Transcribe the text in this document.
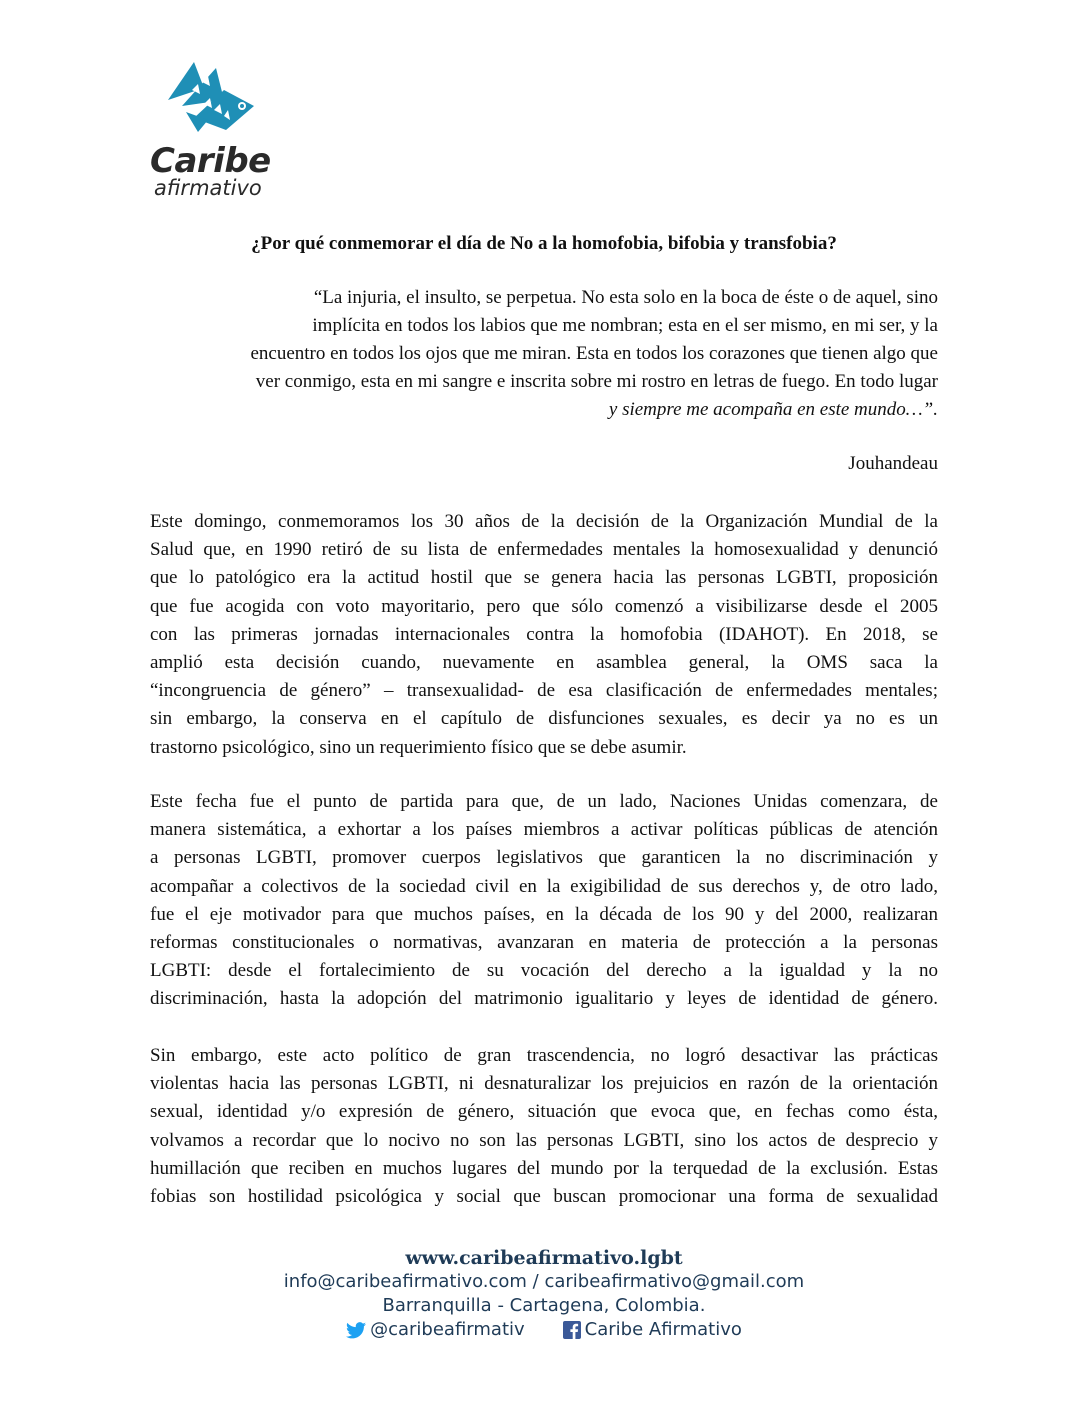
Caribe
afirmativo
¿Por qué conmemorar el día de No a la homofobia, bifobia y transfobia?
“La injuria, el insulto, se perpetua. No esta solo en la boca de éste o de aquel, sino
implícita en todos los labios que me nombran; esta en el ser mismo, en mi ser, y la
encuentro en todos los ojos que me miran. Esta en todos los corazones que tienen algo que
ver conmigo, esta en mi sangre e inscrita sobre mi rostro en letras de fuego. En todo lugar
y siempre me acompaña en este mundo…”.
Jouhandeau
Este domingo, conmemoramos los 30 años de la decisión de la Organización Mundial de la
Salud que, en 1990 retiró de su lista de enfermedades mentales la homosexualidad y denunció
que lo patológico era la actitud hostil que se genera hacia las personas LGBTI, proposición
que fue acogida con voto mayoritario, pero que sólo comenzó a visibilizarse desde el 2005
con las primeras jornadas internacionales contra la homofobia (IDAHOT). En 2018, se
amplió esta decisión cuando, nuevamente en asamblea general, la OMS saca la
“incongruencia de género” – transexualidad- de esa clasificación de enfermedades mentales;
sin embargo, la conserva en el capítulo de disfunciones sexuales, es decir ya no es un
trastorno psicológico, sino un requerimiento físico que se debe asumir.
Este fecha fue el punto de partida para que, de un lado, Naciones Unidas comenzara, de
manera sistemática, a exhortar a los países miembros a activar políticas públicas de atención
a personas LGBTI, promover cuerpos legislativos que garanticen la no discriminación y
acompañar a colectivos de la sociedad civil en la exigibilidad de sus derechos y, de otro lado,
fue el eje motivador para que muchos países, en la década de los 90 y del 2000, realizaran
reformas constitucionales o normativas, avanzaran en materia de protección a la personas
LGBTI: desde el fortalecimiento de su vocación del derecho a la igualdad y la no
discriminación, hasta la adopción del matrimonio igualitario y leyes de identidad de género.
Sin embargo, este acto político de gran trascendencia, no logró desactivar las prácticas
violentas hacia las personas LGBTI, ni desnaturalizar los prejuicios en razón de la orientación
sexual, identidad y/o expresión de género, situación que evoca que, en fechas como ésta,
volvamos a recordar que lo nocivo no son las personas LGBTI, sino los actos de desprecio y
humillación que reciben en muchos lugares del mundo por la terquedad de la exclusión. Estas
fobias son hostilidad psicológica y social que buscan promocionar una forma de sexualidad
www.caribeafirmativo.lgbt
info@caribeafirmativo.com / caribeafirmativo@gmail.com
Barranquilla - Cartagena, Colombia.
@caribeafirmativ	Caribe Afirmativo
